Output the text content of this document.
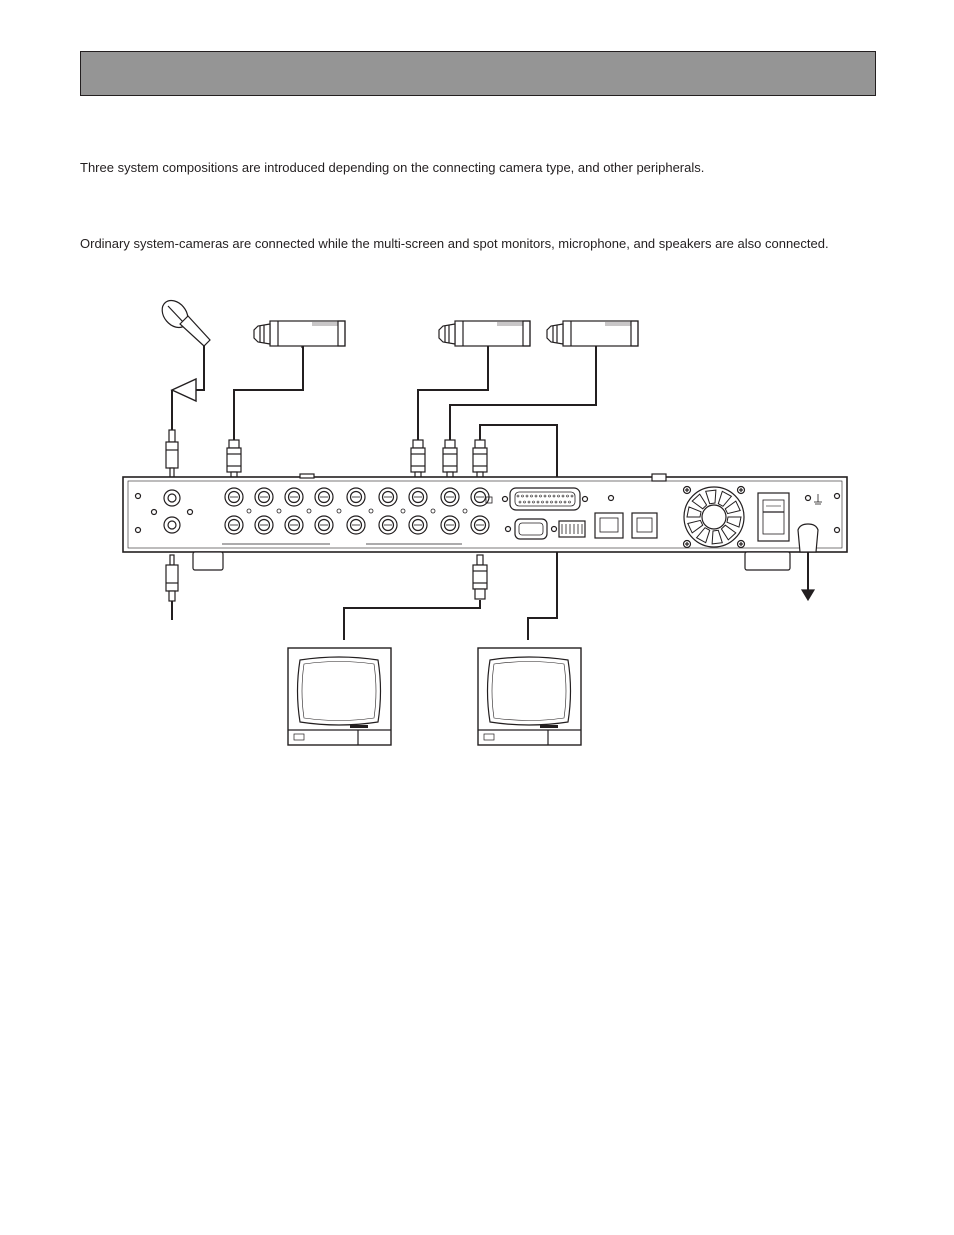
Three system compositions are introduced depending on the connecting camera type, and other peripherals.

Ordinary system-cameras are connected while the multi-screen and spot monitors, microphone, and speakers are also connected.
